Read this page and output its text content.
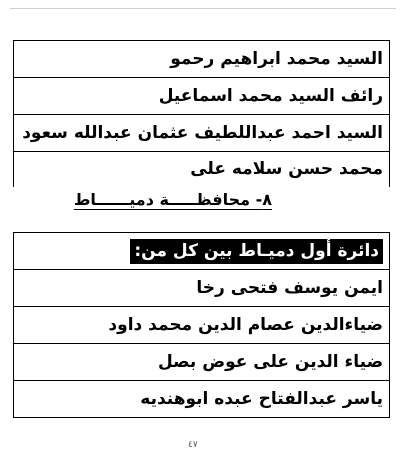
السيد محمد ابراهيم رحمو
رائف السيد محمد اسماعيل
السيد احمد عبداللطيف عثمان عبدالله سعود
محمد حسن سلامه على
٨- محافظـــــة دميــــــاط
دائرة أول دميـاط بين كل من:
ايمن يوسف فتحى رخا
ضياءالدين عصام الدين محمد داود
ضياء الدين على عوض بصل
ياسر عبدالفتاح عبده ابوهنديه
٤٧
